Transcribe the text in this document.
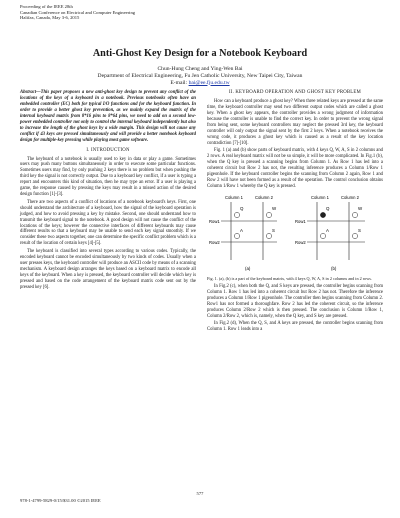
Proceeding of the IEEE 28th
Canadian Conference on Electrical and Computer Engineering
Halifax, Canada, May 3-6, 2015
Anti-Ghost Key Design for a Notebook Keyboard
Chun-Hung Cheng and Ying-Wen Bai
Department of Electrical Engineering, Fu Jen Catholic University, New Taipei City, Taiwan
E-mail: bai@ee.fju.edu.tw

Abstract—This paper proposes a new anti-ghost key design to prevent any conflict of the locations of the keys of a keyboard in a notebook. Previous notebooks often have an embedded controller (EC) both for typical I/O functions and for the keyboard function. In order to provide a better ghost key prevention, as we mainly expand the matrix of the internal keyboard matrix from 8*16 pins to 8*64 pins, we need to add on a second low-power embedded controller not only to control the internal keyboard independently but also to increase the length of the ghost keys by a wide margin. This design will not cause any conflict if 43 keys are pressed simultaneously and will provide a better notebook keyboard design for multiple-key pressing while playing most game software.

I. INTRODUCTION

The keyboard of a notebook is usually used to key in data or play a game. Sometimes users may push many buttons simultaneously in order to execute some particular functions. Sometimes users may find, by only pushing 2 keys there is no problem but when pushing the third key the signal is not correctly output. Due to a keyboard key conflict, if a user is typing a report and encounters this kind of situation, then he may type an error. If a user is playing a game, the response caused by pressing the keys may result in a missed action of the desired design function [1]-[3].

There are two aspects of a conflict of locations of a notebook keyboard's keys. First, one should understand the architecture of a keyboard, how the signal of the keyboard operation is judged, and how to avoid pressing a key by mistake. Second, one should understand how to transmit the keyboard signal to the notebook. A good design will not cause the conflict of the locations of the keys; however the connective interfaces of different keyboards may cause different results so that a keyboard may be unable to send each key signal smoothly. If we consider these two aspects together, one can determine the specific conflict problem which is a result of the location of certain keys [4]-[5].

The keyboard is classified into several types according to various codes. Typically, the encoded keyboard cannot be encoded simultaneously by two kinds of codes. Usually when a user presses keys, the keyboard controller will produce an ASCII code by means of a scanning mechanism. A keyboard design arranges the keys based on a keyboard matrix to encode all keys of the keyboard. When a key is pressed, the keyboard controller will decide which key is pressed and based on the code arrangement of the keyboard matrix code sent out by the pressed key [6].

II. KEYBOARD OPERATION AND GHOST KEY PROBLEM

How can a keyboard produce a ghost key? When three related keys are pressed at the same time, the keyboard controller may send two different output codes which are called a ghost key. When a ghost key appears, the controller provides a wrong judgment of information because the controller is unable to find the correct key. In order to prevent the wrong signal from being sent, some keyboard controllers may neglect the pressed 3rd key, the keyboard controller will only output the signal sent by the first 2 keys. When a notebook receives the wrong code, it produces a ghost key which is caused as a result of the key location contradiction [7]-[10].

Fig. 1 (a) and (b) show parts of keyboard matrix, with 4 keys Q, W, A, S in 2 columns and 2 rows. A real keyboard matrix will not be so simple, it will be more complicated. In Fig.1 (b), when the Q key is pressed a scanning begins from Column 1. As Row 1 has led into a coherent circuit but Row 2 has not, the resulting inference produces a Column 1/Row 1 pigeonhole. If the keyboard controller begins the scanning from Column 2 again, Row 1 and Row 2 will have not been formed as a result of the operation. The control conclusion obtains Column 1/Row 1 whereby the Q key is pressed.

Column 1	Column 2
Row1
Row2
Q	W
A	S
(a)
Column 1	Column 2
Row1
Row2
Q	W
A	S
(b)
Fig. 1. (a), (b) is a part of the keyboard matrix, with 4 keys Q, W, A, S in 2 columns and in 2 rows.

In Fig.2 (c), when both the Q, and S keys are pressed, the controller begins scanning from Column 1. Row 1 has led into a coherent circuit but Row 2 has not. Therefore the inference produces a Column 1/Row 1 pigeonhole. The controller then begins scanning from Column 2. Row1 has not formed a thoroughfare. Row 2 has led the coherent circuit, so the inference produces Column 2/Row 2 which is then pressed. The conclusion is Column 1/Row 1, Column 2/Row 2, which is, namely, when the Q key, and S key are pressed.

In Fig.2 (d), When the Q, S, and A keys are pressed, the controller begins scanning from Column 1. Row 1 leads into a

577
978-1-4799-5829-0/15/$31.00 ©2015 IEEE
